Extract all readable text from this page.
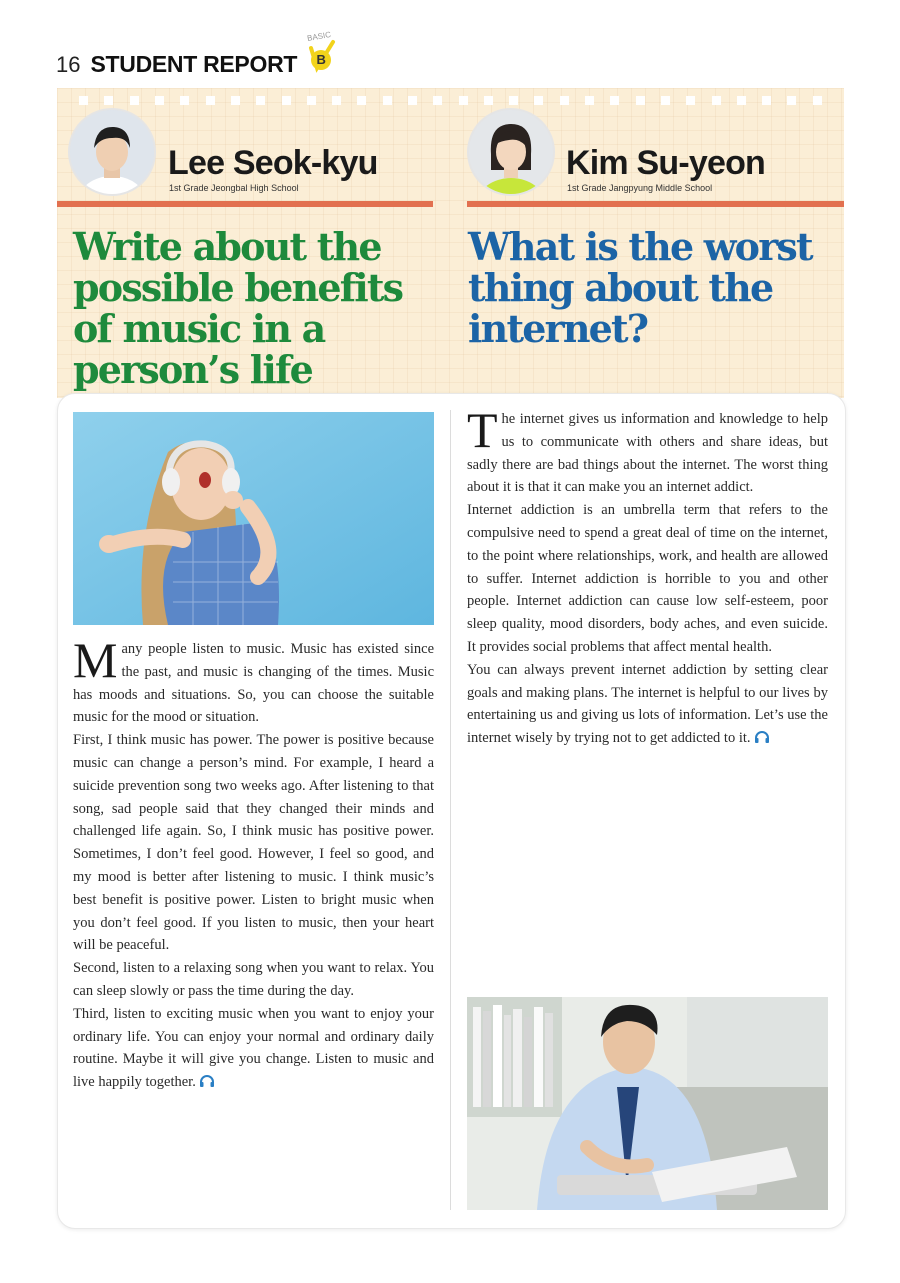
16 STUDENT REPORT
BASIC
B
Lee Seok-kyu
1st Grade Jeongbal High School
Kim Su-yeon
1st Grade Jangpyung Middle School
Write about the possible benefits of music in a person’s life
What is the worst thing about the internet?

Many people listen to music. Music has existed since the past, and music is changing of the times. Music has moods and situations. So, you can choose the suitable music for the mood or situation.

First, I think music has power. The power is positive because music can change a person’s mind. For example, I heard a suicide prevention song two weeks ago. After listening to that song, sad people said that they changed their minds and challenged life again. So, I think music has positive power. Sometimes, I don’t feel good. However, I feel so good, and my mood is better after listening to music. I think music’s best benefit is positive power. Listen to bright music when you don’t feel good. If you listen to music, then your heart will be peaceful.

Second, listen to a relaxing song when you want to relax. You can sleep slowly or pass the time during the day.

Third, listen to exciting music when you want to enjoy your ordinary life. You can enjoy your normal and ordinary daily routine. Maybe it will give you change. Listen to music and live happily together.

The internet gives us information and knowledge to help us to communicate with others and share ideas, but sadly there are bad things about the internet. The worst thing about it is that it can make you an internet addict.

Internet addiction is an umbrella term that refers to the compulsive need to spend a great deal of time on the internet, to the point where relationships, work, and health are allowed to suffer. Internet addiction is horrible to you and other people. Internet addiction can cause low self-esteem, poor sleep quality, mood disorders, body aches, and even suicide. It provides social problems that affect mental health.

You can always prevent internet addiction by setting clear goals and making plans. The internet is helpful to our lives by entertaining us and giving us lots of information. Let’s use the internet wisely by trying not to get addicted to it.
